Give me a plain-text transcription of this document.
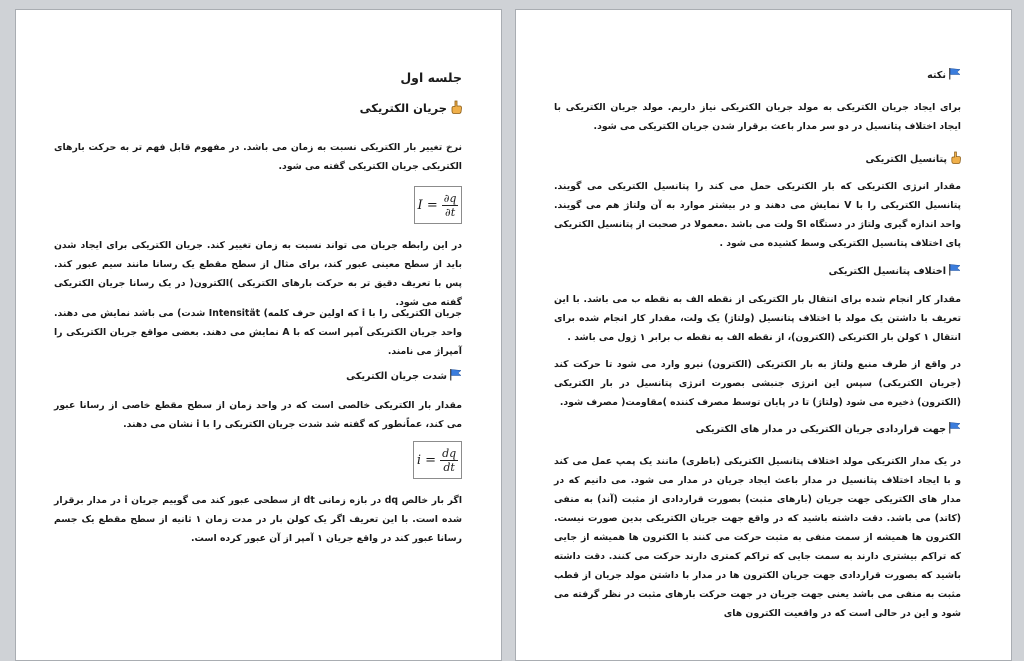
جلسه اول
جریان الکتریکی
نرخ تغییر بار الکتریکی نسبت به زمان می باشد. در مفهوم قابل فهم تر به حرکت بارهای الکتریکی جریان الکتریکی گفته می شود.
I
= $\frac{\partial q}{\partial t}$
در این رابطه جریان می تواند نسبت به زمان تغییر کند. جریان الکتریکی برای ایجاد شدن باید از سطح معینی عبور کند، برای مثال از سطح مقطع یک رسانا مانند سیم عبور کند. پس با تعریف دقیق تر به حرکت بارهای الکتریکی )الکترون( در یک رسانا جریان الکتریکی گفته می شود.
جریان الکتریکی را با i که اولین حرف کلمه) Intensität شدت) می باشد نمایش می دهند. واحد جریان الکتریکی آمپر است که با A نمایش می دهند. بعضی مواقع جریان الکتریکی را آمپراژ می نامند.
شدت جریان الکتریکی
مقدار بار الکتریکی خالصی است که در واحد زمان از سطح مقطع خاصی از رسانا عبور می کند، عماًنطور که گفته شد شدت جریان الکتریکی را با i نشان می دهند.
i
= $\frac{dq}{dt}$
اگر بار خالص dq در بازه زمانی dt از سطحی عبور کند می گوییم جریان i در مدار برقرار شده است. با این تعریف اگر یک کولن بار در مدت زمان ۱ ثانیه از سطح مقطع یک جسم رسانا عبور کند در واقع جریان ۱ آمپر از آن عبور کرده است.
نکته
برای ایجاد جریان الکتریکی به مولد جریان الکتریکی نیاز داریم. مولد جریان الکتریکی با ایجاد اختلاف پتانسیل در دو سر مدار باعث برقرار شدن جریان الکتریکی می شود.
پتانسیل الکتریکی
مقدار انرژی الکتریکی که بار الکتریکی حمل می کند را پتانسیل الکتریکی می گویند. پتانسیل الکتریکی را با V نمایش می دهند و در بیشتر موارد به آن ولتاژ هم می گویند. واحد اندازه گیری ولتاژ در دستگاه SI ولت می باشد .معمولا در صحبت از پتانسیل الکتریکی پای اختلاف پتانسیل الکتریکی وسط کشیده می شود .
اختلاف پتانسیل الکتریکی
مقدار کار انجام شده برای انتقال بار الکتریکی از نقطه الف به نقطه ب می باشد. با این تعریف با داشتن یک مولد با اختلاف پتانسیل (ولتاژ) یک ولت، مقدار کار انجام شده برای انتقال ۱ کولن بار الکتریکی (الکترون)، از نقطه الف به نقطه ب برابر ۱ ژول می باشد .
در واقع از طرف منبع ولتاژ به بار الکتریکی (الکترون) نیرو وارد می شود تا حرکت کند (جریان الکتریکی) سپس این انرژی جنبشی بصورت انرژی پتانسیل در بار الکتریکی (الکترون) ذخیره می شود (ولتاژ) تا در پایان توسط مصرف کننده )مقاومت( مصرف شود.
جهت قراردادی جریان الکتریکی در مدار های الکتریکی
در یک مدار الکتریکی مولد اختلاف پتانسیل الکتریکی (باطری) مانند یک پمپ عمل می کند و با ایجاد اختلاف پتانسیل در مدار باعث ایجاد جریان در مدار می شود. می دانیم که در مدار های الکتریکی جهت جریان (بارهای مثبت) بصورت قراردادی از مثبت (آند) به منفی (کاتد) می باشد. دقت داشته باشید که در واقع جهت جریان الکتریکی بدین صورت نیست. الکترون ها همیشه از سمت منفی به مثبت حرکت می کنند با الکترون ها همیشه از جایی که تراکم بیشتری دارند به سمت جایی که تراکم کمتری دارند حرکت می کنند. دقت داشته باشید که بصورت قراردادی جهت جریان الکترون ها در مدار با داشتن مولد جریان از قطب مثبت به منفی می باشد یعنی جهت جریان در جهت حرکت بارهای مثبت در نظر گرفته می شود و این در حالی است که در واقعیت الکترون های
